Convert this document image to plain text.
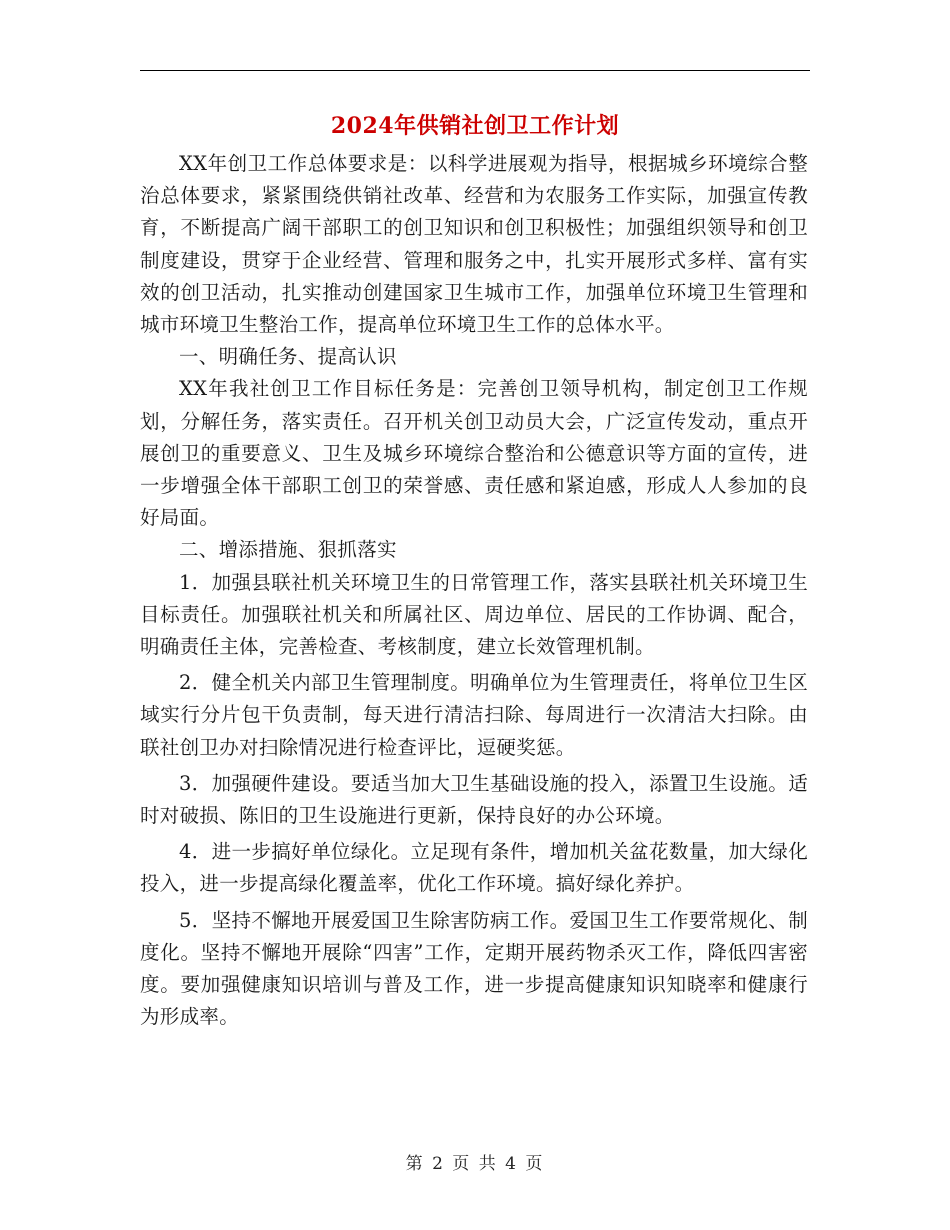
2024年供销社创卫工作计划

XX年创卫工作总体要求是：以科学进展观为指导，根据城乡环境综合整治总体要求，紧紧围绕供销社改革、经营和为农服务工作实际，加强宣传教育，不断提高广阔干部职工的创卫知识和创卫积极性；加强组织领导和创卫制度建设，贯穿于企业经营、管理和服务之中，扎实开展形式多样、富有实效的创卫活动，扎实推动创建国家卫生城市工作，加强单位环境卫生管理和城市环境卫生整治工作，提高单位环境卫生工作的总体水平。

一、明确任务、提高认识

XX年我社创卫工作目标任务是：完善创卫领导机构，制定创卫工作规划，分解任务，落实责任。召开机关创卫动员大会，广泛宣传发动，重点开展创卫的重要意义、卫生及城乡环境综合整治和公德意识等方面的宣传，进一步增强全体干部职工创卫的荣誉感、责任感和紧迫感，形成人人参加的良好局面。

二、增添措施、狠抓落实

1．加强县联社机关环境卫生的日常管理工作，落实县联社机关环境卫生目标责任。加强联社机关和所属社区、周边单位、居民的工作协调、配合，明确责任主体，完善检查、考核制度，建立长效管理机制。

2．健全机关内部卫生管理制度。明确单位为生管理责任，将单位卫生区域实行分片包干负责制，每天进行清洁扫除、每周进行一次清洁大扫除。由联社创卫办对扫除情况进行检查评比，逗硬奖惩。

3．加强硬件建设。要适当加大卫生基础设施的投入，添置卫生设施。适时对破损、陈旧的卫生设施进行更新，保持良好的办公环境。

4．进一步搞好单位绿化。立足现有条件，增加机关盆花数量，加大绿化投入，进一步提高绿化覆盖率，优化工作环境。搞好绿化养护。

5．坚持不懈地开展爱国卫生除害防病工作。爱国卫生工作要常规化、制度化。坚持不懈地开展除“四害”工作，定期开展药物杀灭工作，降低四害密度。要加强健康知识培训与普及工作，进一步提高健康知识知晓率和健康行为形成率。

第 2 页 共 4 页
